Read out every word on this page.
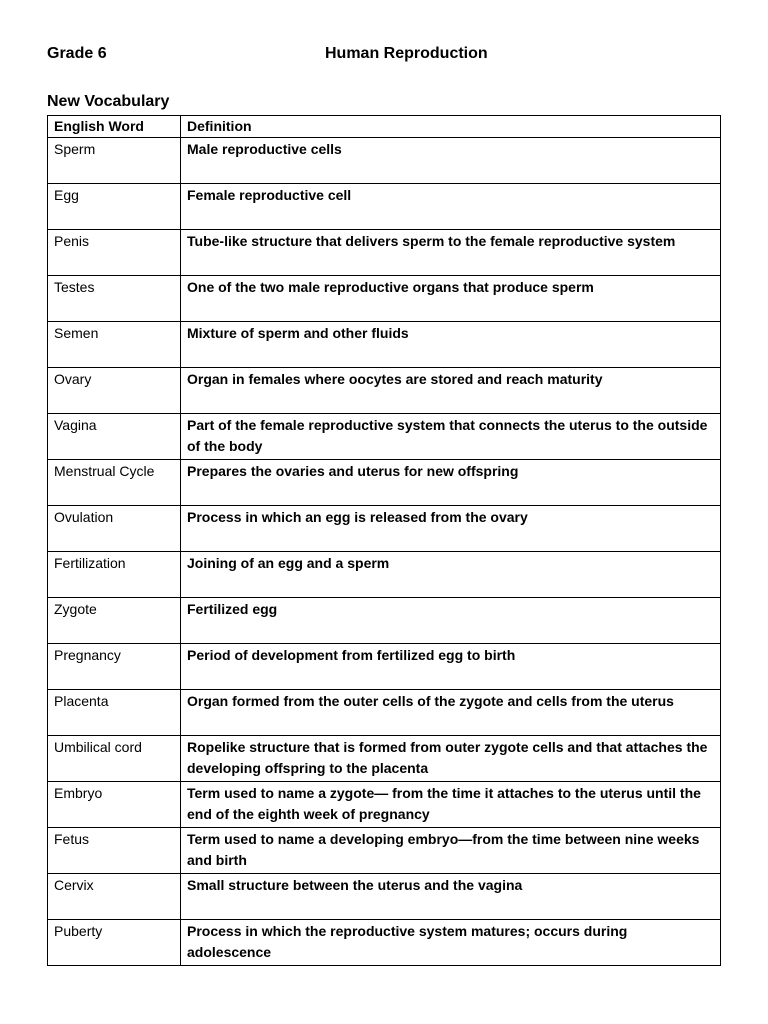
Grade 6	Human Reproduction
New Vocabulary
English Word	Definition
Sperm	Male reproductive cells
Egg	Female reproductive cell
Penis	Tube-like structure that delivers sperm to the female reproductive system
Testes	One of the two male reproductive organs that produce sperm
Semen	Mixture of sperm and other fluids
Ovary	Organ in females where oocytes are stored and reach maturity
Vagina	Part of the female reproductive system that connects the uterus to the outside of the body
Menstrual Cycle	Prepares the ovaries and uterus for new offspring
Ovulation	Process in which an egg is released from the ovary
Fertilization	Joining of an egg and a sperm
Zygote	Fertilized egg
Pregnancy	Period of development from fertilized egg to birth
Placenta	Organ formed from the outer cells of the zygote and cells from the uterus
Umbilical cord	Ropelike structure that is formed from outer zygote cells and that attaches the developing offspring to the placenta
Embryo	Term used to name a zygote— from the time it attaches to the uterus until the end of the eighth week of pregnancy
Fetus	Term used to name a developing embryo—from the time between nine weeks and birth
Cervix	Small structure between the uterus and the vagina
Puberty	Process in which the reproductive system matures; occurs during adolescence
